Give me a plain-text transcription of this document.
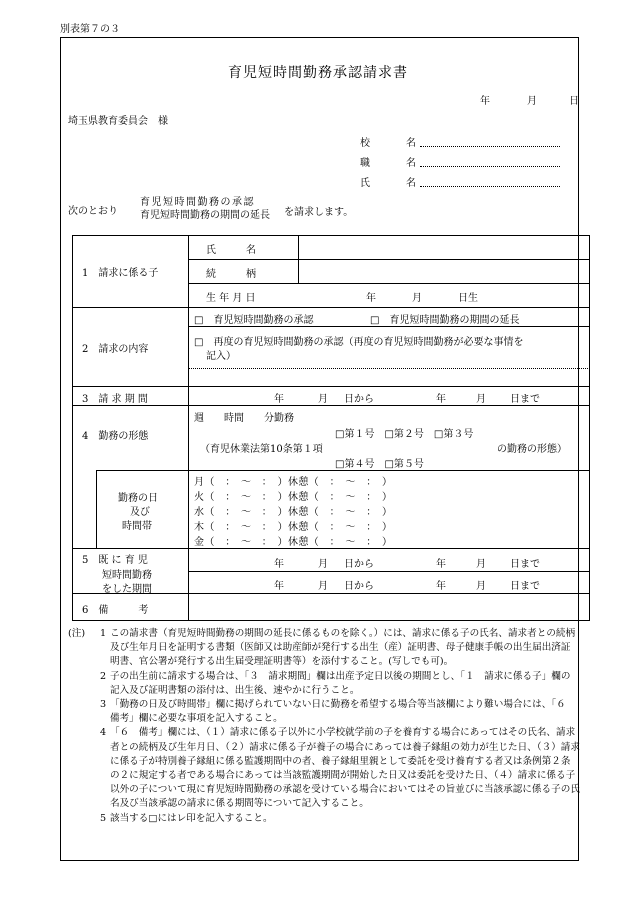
別表第７の３
育児短時間勤務承認請求書
年	月	日
埼玉県教育委員会　様
校	名
職	名
氏	名
次のとおり
育児短時間勤務の承認
育児短時間勤務の期間の延長 を請求します。
1　請求に係る子
氏　　　名
続　　　柄
生 年 月 日	年	月	日生
2　請求の内容
□　育児短時間勤務の承認	□　育児短時間勤務の期間の延長
□　再度の育児短時間勤務の承認（再度の育児短時間勤務が必要な事情を
記入）
3　請 求 期 間	年	月 日から	年	月 日まで
4　勤務の形態
週　　時間　　分勤務
□第１号　□第２号　□第３号
（育児休業法第10条第１項	の勤務の形態）
□第４号　□第５号
勤務の日
及び
時間帯
月（　：　〜　：　）休憩（　：　〜　：　）
火（　：　〜　：　）休憩（　：　〜　：　）
水（　：　〜　：　）休憩（　：　〜　：　）
木（　：　〜　：　）休憩（　：　〜　：　）
金（　：　〜　：　）休憩（　：　〜　：　）
5　既 に 育 児
短時間勤務
をした期間
年	月 日から	年	月 日まで
年	月 日から	年	月 日まで
6　備　　　考
(注) 1 この請求書（育児短時間勤務の期間の延長に係るものを除く。）には、請求に係る子の氏名、請求者との続柄及び生年月日を証明する書類（医師又は助産師が発行する出生（産）証明書、母子健康手帳の出生届出済証明書、官公署が発行する出生届受理証明書等）を添付すること。(写しでも可)。
2 子の出生前に請求する場合は、「３　請求期間」欄は出産予定日以後の期間とし、「１　請求に係る子」欄の記入及び証明書類の添付は、出生後、速やかに行うこと。
3 「勤務の日及び時間帯」欄に掲げられていない日に勤務を希望する場合等当該欄により難い場合には、「６　備考」欄に必要な事項を記入すること。
4 「６　備考」欄には、（１）請求に係る子以外に小学校就学前の子を養育する場合にあってはその氏名、請求者との続柄及び生年月日、（２）請求に係る子が養子の場合にあっては養子縁組の効力が生じた日、（３）請求に係る子が特別養子縁組に係る監護期間中の者、養子縁組里親として委託を受け養育する者又は条例第２条の２に規定する者である場合にあっては当該監護期間が開始した日又は委託を受けた日、（４）請求に係る子以外の子について現に育児短時間勤務の承認を受けている場合においてはその旨並びに当該承認に係る子の氏名及び当該承認の請求に係る期間等について記入すること。
5 該当する□にはレ印を記入すること。
